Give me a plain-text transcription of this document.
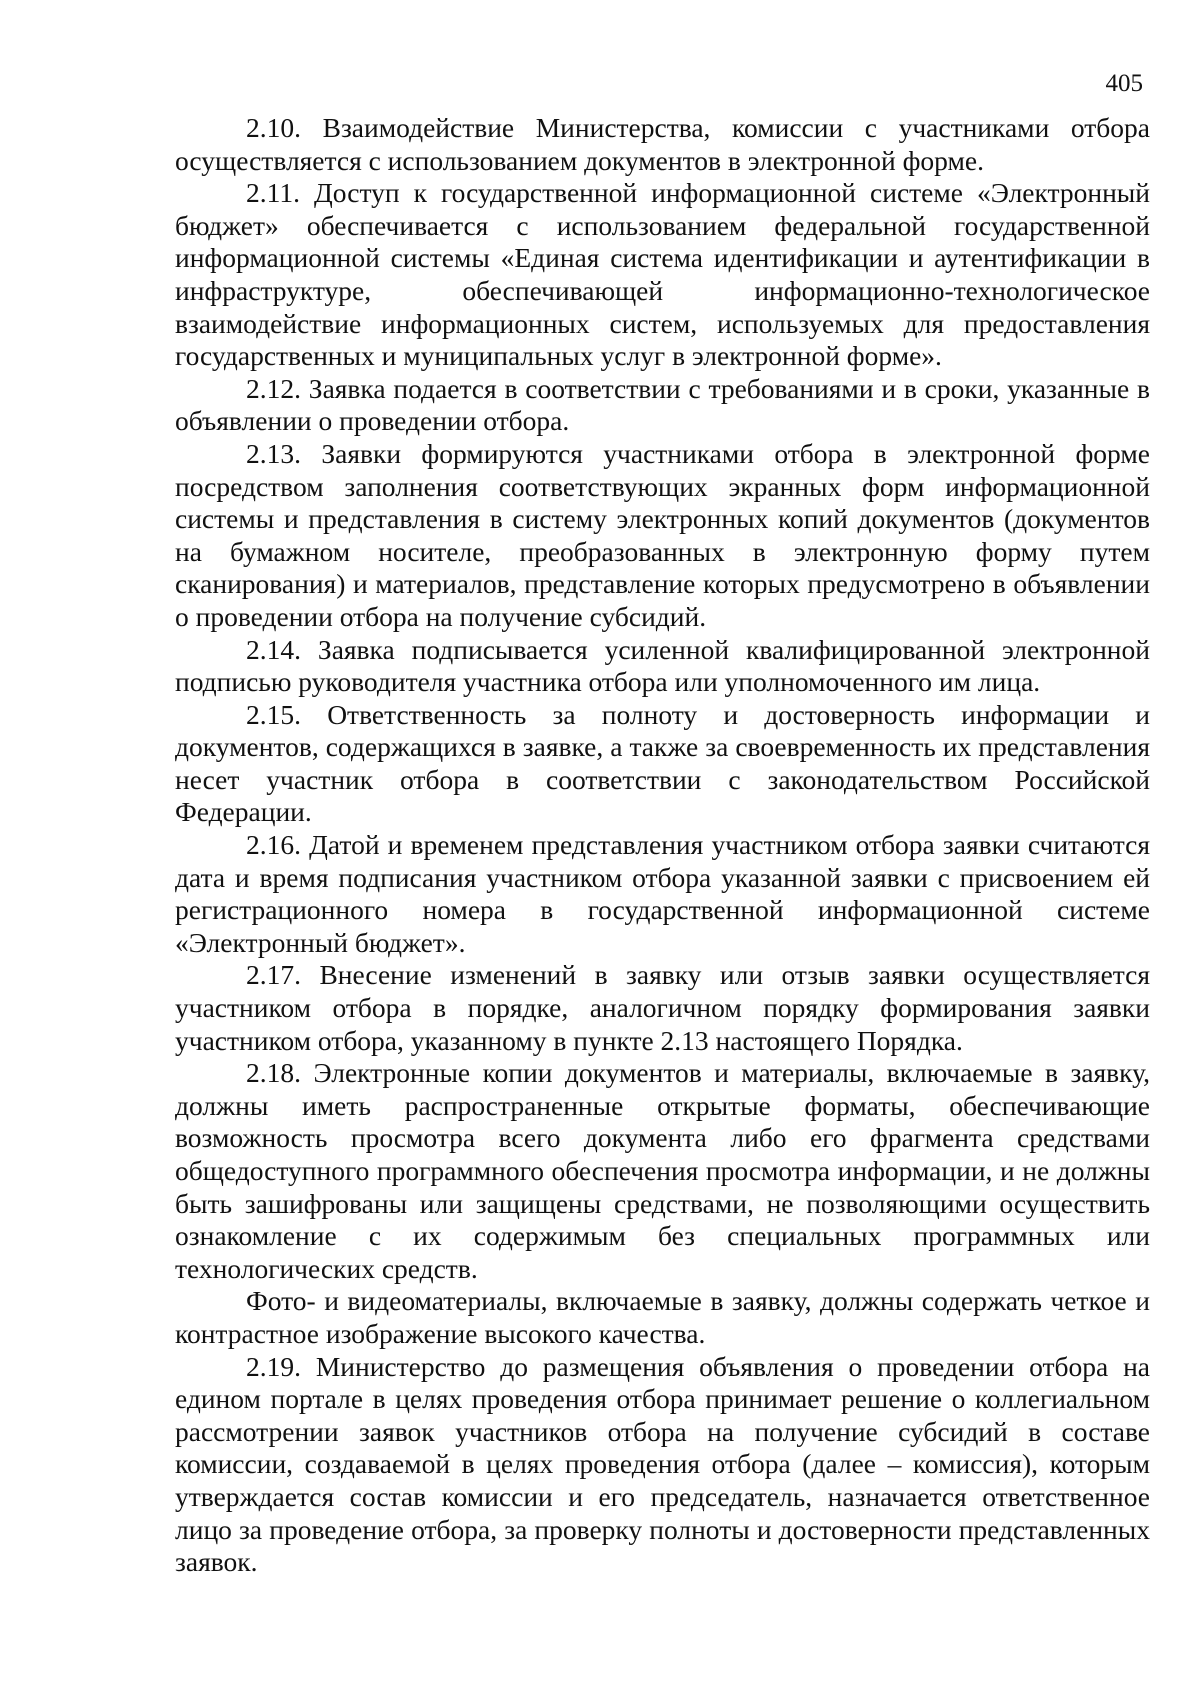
405

2.10. Взаимодействие Министерства, комиссии с участниками отбора осуществляется с использованием документов в электронной форме.

2.11. Доступ к государственной информационной системе «Электронный бюджет» обеспечивается с использованием федеральной государственной информационной системы «Единая система идентификации и аутентификации в инфраструктуре, обеспечивающей информационно-технологическое взаимодействие информационных систем, используемых для предоставления государственных и муниципальных услуг в электронной форме».

2.12. Заявка подается в соответствии с требованиями и в сроки, указанные в объявлении о проведении отбора.

2.13. Заявки формируются участниками отбора в электронной форме посредством заполнения соответствующих экранных форм информационной системы и представления в систему электронных копий документов (документов на бумажном носителе, преобразованных в электронную форму путем сканирования) и материалов, представление которых предусмотрено в объявлении о проведении отбора на получение субсидий.

2.14. Заявка подписывается усиленной квалифицированной электронной подписью руководителя участника отбора или уполномоченного им лица.

2.15. Ответственность за полноту и достоверность информации и документов, содержащихся в заявке, а также за своевременность их представления несет участник отбора в соответствии с законодательством Российской Федерации.

2.16. Датой и временем представления участником отбора заявки считаются дата и время подписания участником отбора указанной заявки с присвоением ей регистрационного номера в государственной информационной системе «Электронный бюджет».

2.17. Внесение изменений в заявку или отзыв заявки осуществляется участником отбора в порядке, аналогичном порядку формирования заявки участником отбора, указанному в пункте 2.13 настоящего Порядка.

2.18. Электронные копии документов и материалы, включаемые в заявку, должны иметь распространенные открытые форматы, обеспечивающие возможность просмотра всего документа либо его фрагмента средствами общедоступного программного обеспечения просмотра информации, и не должны быть зашифрованы или защищены средствами, не позволяющими осуществить ознакомление с их содержимым без специальных программных или технологических средств.

Фото- и видеоматериалы, включаемые в заявку, должны содержать четкое и контрастное изображение высокого качества.

2.19. Министерство до размещения объявления о проведении отбора на едином портале в целях проведения отбора принимает решение о коллегиальном рассмотрении заявок участников отбора на получение субсидий в составе комиссии, создаваемой в целях проведения отбора (далее – комиссия), которым утверждается состав комиссии и его председатель, назначается ответственное лицо за проведение отбора, за проверку полноты и достоверности представленных заявок.
